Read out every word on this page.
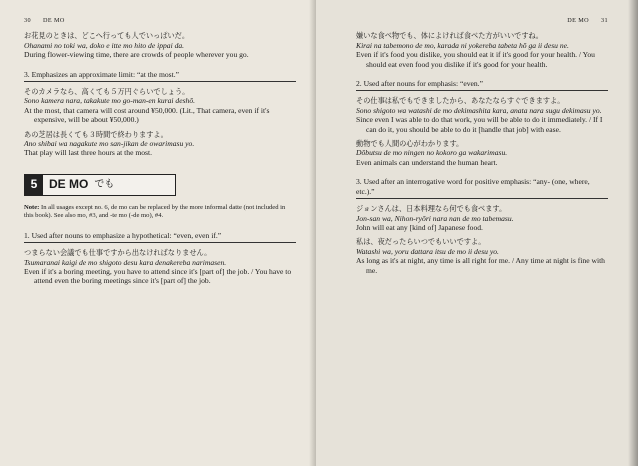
30 DE MO
お花見のときは、どこへ行っても人でいっぱいだ。
Ohanami no toki wa, doko e itte mo hito de ippai da.
During flower-viewing time, there are crowds of people wherever you go.
3. Emphasizes an approximate limit: “at the most.”
そのカメラなら、高くても５万円ぐらいでしょう。
Sono kamera nara, takakute mo go-man-en kurai deshō.
At the most, that camera will cost around ¥50,000. (Lit., That camera, even if it's expensive, will be about ¥50,000.)
あの芝居は長くても３時間で終わりますよ。
Ano shibai wa nagakute mo san-jikan de owarimasu yo.
That play will last three hours at the most.
5 DE MO でも
Note: In all usages except no. 6, de mo can be replaced by the more informal datte (not included in this book). See also mo, #3, and -te mo (-de mo), #4.
1. Used after nouns to emphasize a hypothetical: “even, even if.”
つまらない会議でも仕事ですから出なければなりません。
Tsumaranai kaigi de mo shigoto desu kara denakereba narimasen.
Even if it's a boring meeting, you have to attend since it's [part of] the job. / You have to attend even the boring meetings since it's [part of] the job.
DE MO 31
嫌いな食べ物でも、体によければ食べた方がいいですね。
Kirai na tabemono de mo, karada ni yokereba tabeta hō ga ii desu ne.
Even if it's food you dislike, you should eat it if it's good for your health. / You should eat even food you dislike if it's good for your health.
2. Used after nouns for emphasis: “even.”
その仕事は私でもできましたから、あなたならすぐできますよ。
Sono shigoto wa watashi de mo dekimashita kara, anata nara sugu dekimasu yo.
Since even I was able to do that work, you will be able to do it immediately. / If I can do it, you should be able to do it [handle that job] with ease.
動物でも人間の心がわかります。
Dōbutsu de mo ningen no kokoro ga wakarimasu.
Even animals can understand the human heart.
3. Used after an interrogative word for positive emphasis: “any- (one, where, etc.).”
ジョンさんは、日本料理なら何でも食べます。
Jon-san wa, Nihon-ryōri nara nan de mo tabemasu.
John will eat any [kind of] Japanese food.
私は、夜だったらいつでもいいですよ。
Watashi wa, yoru dattara itsu de mo ii desu yo.
As long as it's at night, any time is all right for me. / Any time at night is fine with me.
